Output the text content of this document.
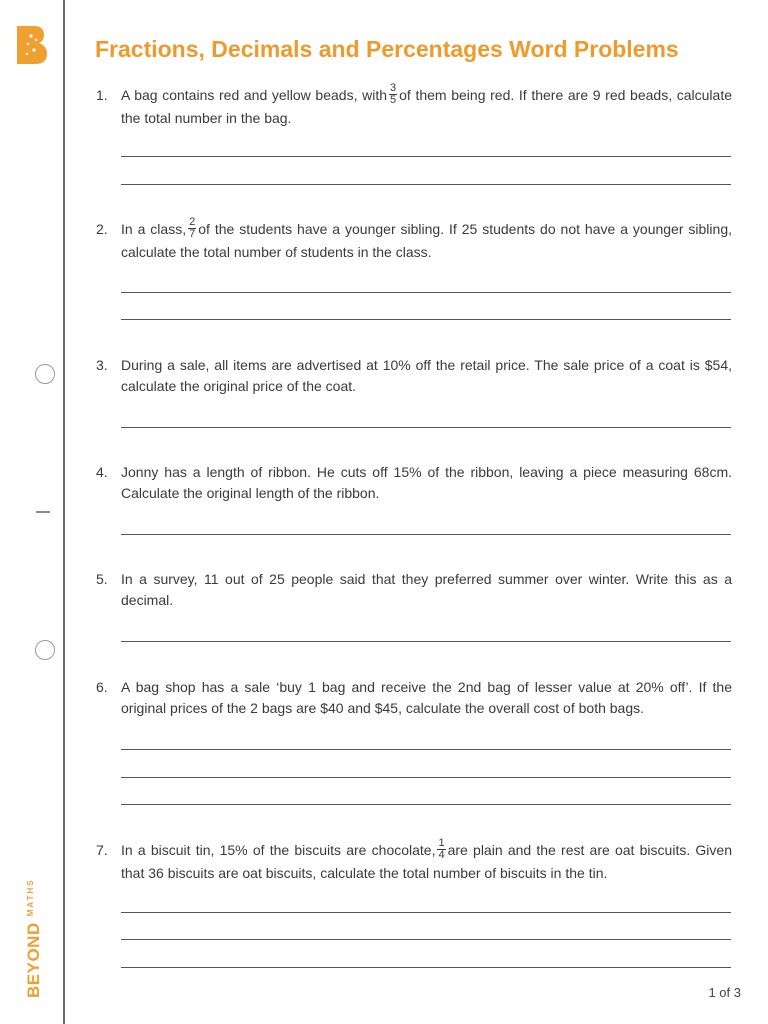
$BEYOND^{MATHS}$
Fractions, Decimals and Percentages Word Problems
1. A bag contains red and yellow beads, with $\frac{3}{5}$ of them being red. If there are 9 red beads, calculate the total number in the bag.
2. In a class, $\frac{2}{7}$ of the students have a younger sibling. If 25 students do not have a younger sibling, calculate the total number of students in the class.
3. During a sale, all items are advertised at 10% off the retail price. The sale price of a coat is $54, calculate the original price of the coat.
4. Jonny has a length of ribbon. He cuts off 15% of the ribbon, leaving a piece measuring 68cm. Calculate the original length of the ribbon.
5. In a survey, 11 out of 25 people said that they preferred summer over winter. Write this as a decimal.
6. A bag shop has a sale ‘buy 1 bag and receive the 2nd bag of lesser value at 20% off’. If the original prices of the 2 bags are $40 and $45, calculate the overall cost of both bags.
7. In a biscuit tin, 15% of the biscuits are chocolate, $\frac{1}{4}$ are plain and the rest are oat biscuits. Given that 36 biscuits are oat biscuits, calculate the total number of biscuits in the tin.
1 of 3
